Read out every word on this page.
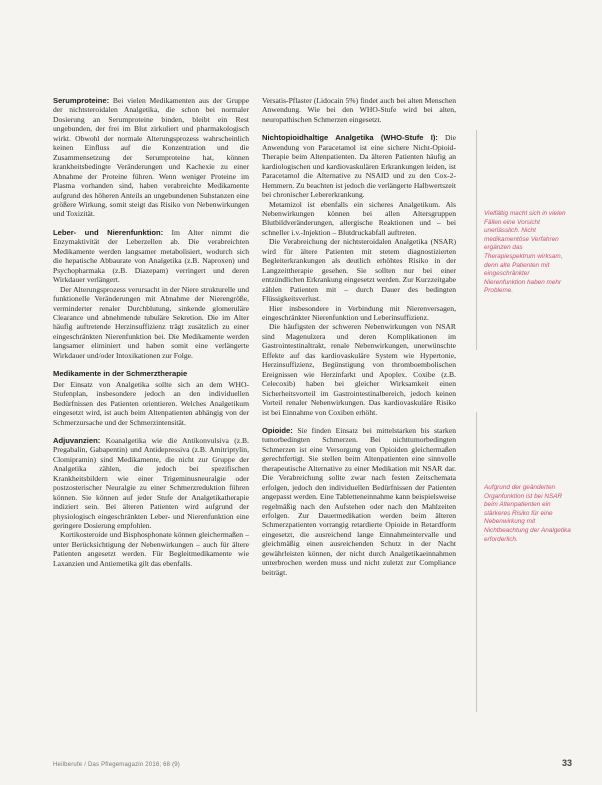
Serumproteine: Bei vielen Medikamenten aus der Gruppe der nichtsteroidalen Analgetika, die schon bei normaler Dosierung an Serumproteine binden, bleibt ein Rest ungebunden, der frei im Blut zirkuliert und pharmakologisch wirkt. Obwohl der normale Alterungsprozess wahrscheinlich keinen Einfluss auf die Konzentration und die Zusammensetzung der Serumproteine hat, können krankheitsbedingte Veränderungen und Kachexie zu einer Abnahme der Proteine führen. Wenn weniger Proteine im Plasma vorhanden sind, haben verabreichte Medikamente aufgrund des höheren Anteils an ungebundenen Substanzen eine größere Wirkung, somit steigt das Risiko von Nebenwirkungen und Toxizität.

Leber- und Nierenfunktion: Im Alter nimmt die Enzymaktivität der Leberzellen ab. Die verabreichten Medikamente werden langsamer metabolisiert, wodurch sich die hepatische Abbaurate von Analgetika (z.B. Naproxen) und Psychopharmaka (z.B. Diazepam) verringert und deren Wirkdauer verlängert.

Der Alterungsprozess verursacht in der Niere strukturelle und funktionelle Veränderungen mit Abnahme der Nierengröße, verminderter renaler Durchblutung, sinkende glomeruläre Clearance und abnehmende tubuläre Sekretion. Die im Alter häufig auftretende Herzinsuffizienz trägt zusätzlich zu einer eingeschränkten Nierenfunktion bei. Die Medikamente werden langsamer eliminiert und haben somit eine verlängerte Wirkdauer und/oder Intoxikationen zur Folge.

Medikamente in der Schmerztherapie

Der Einsatz von Analgetika sollte sich an dem WHO-Stufenplan, insbesondere jedoch an den individuellen Bedürfnissen des Patienten orientieren. Welches Analgetikum eingesetzt wird, ist auch beim Altenpatienten abhängig von der Schmerzursache und der Schmerzintensität.

Adjuvanzien: Koanalgetika wie die Antikonvulsiva (z.B. Pregabalin, Gabapentin) und Antidepressiva (z.B. Amitriptylin, Clomipramin) sind Medikamente, die nicht zur Gruppe der Analgetika zählen, die jedoch bei spezifischen Krankheitsbildern wie einer Trigeminusneuralgie oder postzosterischer Neuralgie zu einer Schmerzreduktion führen können. Sie können auf jeder Stufe der Analgetikatherapie indiziert sein. Bei älteren Patienten wird aufgrund der physiologisch eingeschränkten Leber- und Nierenfunktion eine geringere Dosierung empfohlen.

Kortikosteroide und Bisphosphonate können gleichermaßen – unter Berücksichtigung der Nebenwirkungen – auch für ältere Patienten angesetzt werden. Für Begleitmedikamente wie Laxanzien und Antiemetika gilt das ebenfalls.

Versatis-Pflaster (Lidocain 5%) findet auch bei alten Menschen Anwendung. Wie bei den WHO-Stufe wird bei alten, neuropathischen Schmerzen eingesetzt.

Nichtopioidhaltige Analgetika (WHO-Stufe I): Die Anwendung von Paracetamol ist eine sichere Nicht-Opioid-Therapie beim Altenpatienten. Da älteren Patienten häufig an kardiologischen und kardiovaskulären Erkrankungen leiden, ist Paracetamol die Alternative zu NSAID und zu den Cox-2-Hemmern. Zu beachten ist jedoch die verlängerte Halbwertszeit bei chronischer Lebererkrankung.

Metamizol ist ebenfalls ein sicheres Analgetikum. Als Nebenwirkungen können bei allen Altersgruppen Blutbildveränderungen, allergische Reaktionen und – bei schneller i.v.-Injektion – Blutdruckabfall auftreten.

Die Verabreichung der nichtsteroidalen Analgetika (NSAR) wird für ältere Patienten mit stetem diagnostizierten Begleiterkrankungen als deutlich erhöhtes Risiko in der Langzeittherapie gesehen. Sie sollten nur bei einer entzündlichen Erkrankung eingesetzt werden. Zur Kurzzeitgabe zählen Patienten mit – durch Dauer des bedingten Flüssigkeitsverlust.

Hier insbesondere in Verbindung mit Nierenversagen, eingeschränkter Nierenfunktion und Leberinsuffizienz.

Die häufigsten der schweren Nebenwirkungen von NSAR sind Magenulzera und deren Komplikationen im Gastrointestinaltrakt, renale Nebenwirkungen, unerwünschte Effekte auf das kardiovaskuläre System wie Hypertonie, Herzinsuffizienz, Begünstigung von thromboembolischen Ereignissen wie Herzinfarkt und Apoplex. Coxibe (z.B. Celecoxib) haben bei gleicher Wirksamkeit einen Sicherheitsvorteil im Gastrointestinalbereich, jedoch keinen Vorteil renaler Nebenwirkungen. Das kardiovaskuläre Risiko ist bei Einnahme von Coxiben erhöht.

Opioide: Sie finden Einsatz bei mittelstarken bis starken tumorbedingten Schmerzen. Bei nichttumorbedingten Schmerzen ist eine Versorgung von Opioiden gleichermaßen gerechtfertigt. Sie stellen beim Altenpatienten eine sinnvolle therapeutische Alternative zu einer Medikation mit NSAR dar. Die Verabreichung sollte zwar nach festen Zeitschemata erfolgen, jedoch den individuellen Bedürfnissen der Patienten angepasst werden. Eine Tabletteneinnahme kann beispielsweise regelmäßig nach den Aufstehen oder nach den Mahlzeiten erfolgen. Zur Dauermedikation werden beim älteren Schmerzpatienten vorrangig retardierte Opioide in Retardform eingesetzt, die ausreichend lange Einnahmeintervalle und gleichmäßig einen ausreichenden Schutz in der Nacht gewährleisten können, der nicht durch Analgetikaeinnahmen unterbrochen werden muss und nicht zuletzt zur Compliance beiträgt.

Vielfältig macht sich in vielen Fällen eine Vorsicht unerlässlich. Nicht medikamentöse Verfahren ergänzen das Therapiespektrum wirksam, denn alte Patienten mit eingeschränkter Nierenfunktion haben mehr Probleme.
Aufgrund der geänderten Organfunktion ist bei NSAR beim Altenpatienten ein stärkeres Risiko für eine Nebenwirkung mit Nichtbeachtung der Analgetika erforderlich.
Heilberufe / Das Pflegemagazin 2016; 68 (9)	33
